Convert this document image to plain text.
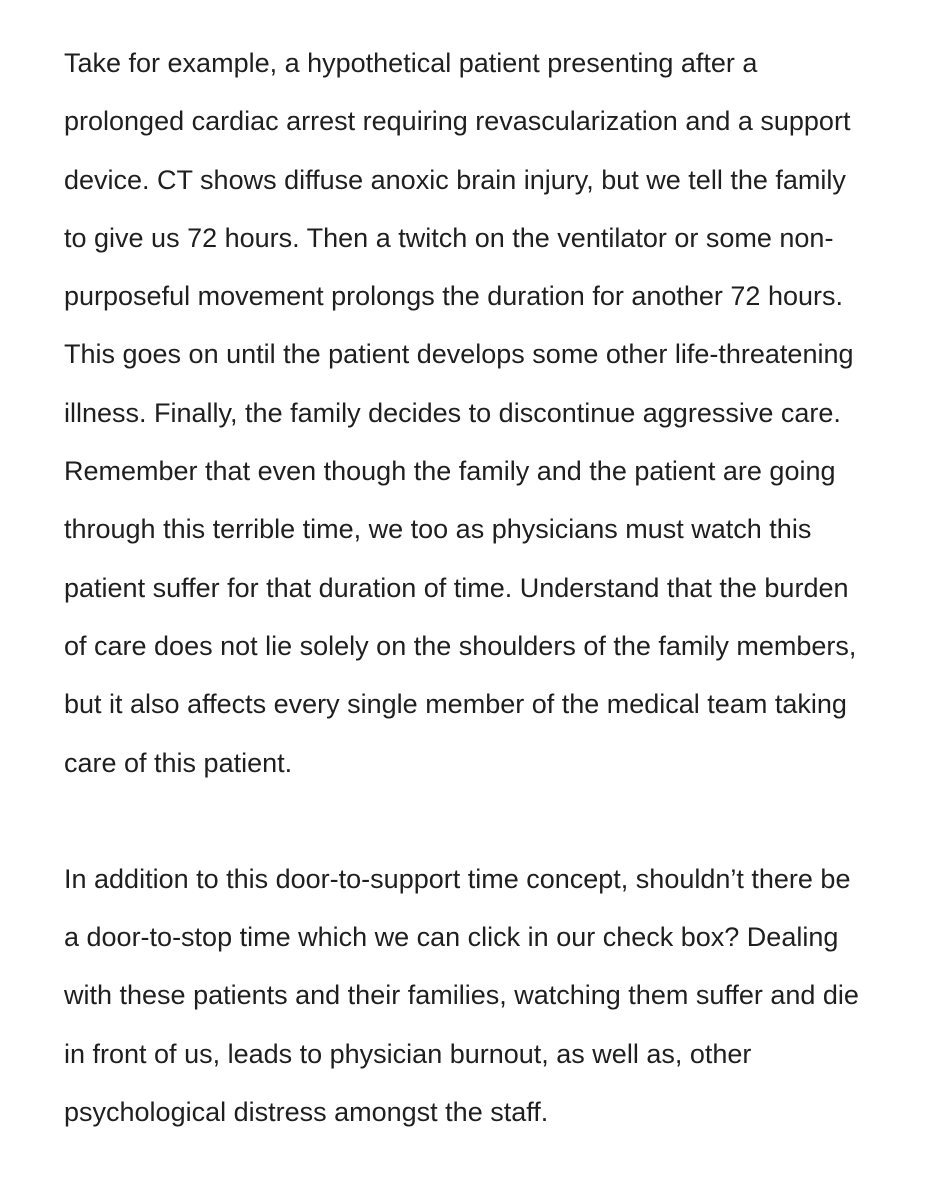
Take for example, a hypothetical patient presenting after a
prolonged cardiac arrest requiring revascularization and a support
device. CT shows diffuse anoxic brain injury, but we tell the family
to give us 72 hours. Then a twitch on the ventilator or some non-
purposeful movement prolongs the duration for another 72 hours.
This goes on until the patient develops some other life-threatening
illness. Finally, the family decides to discontinue aggressive care.
Remember that even though the family and the patient are going
through this terrible time, we too as physicians must watch this
patient suffer for that duration of time. Understand that the burden
of care does not lie solely on the shoulders of the family members,
but it also affects every single member of the medical team taking
care of this patient.
In addition to this door-to-support time concept, shouldn’t there be
a door-to-stop time which we can click in our check box? Dealing
with these patients and their families, watching them suffer and die
in front of us, leads to physician burnout, as well as, other
psychological distress amongst the staff.
